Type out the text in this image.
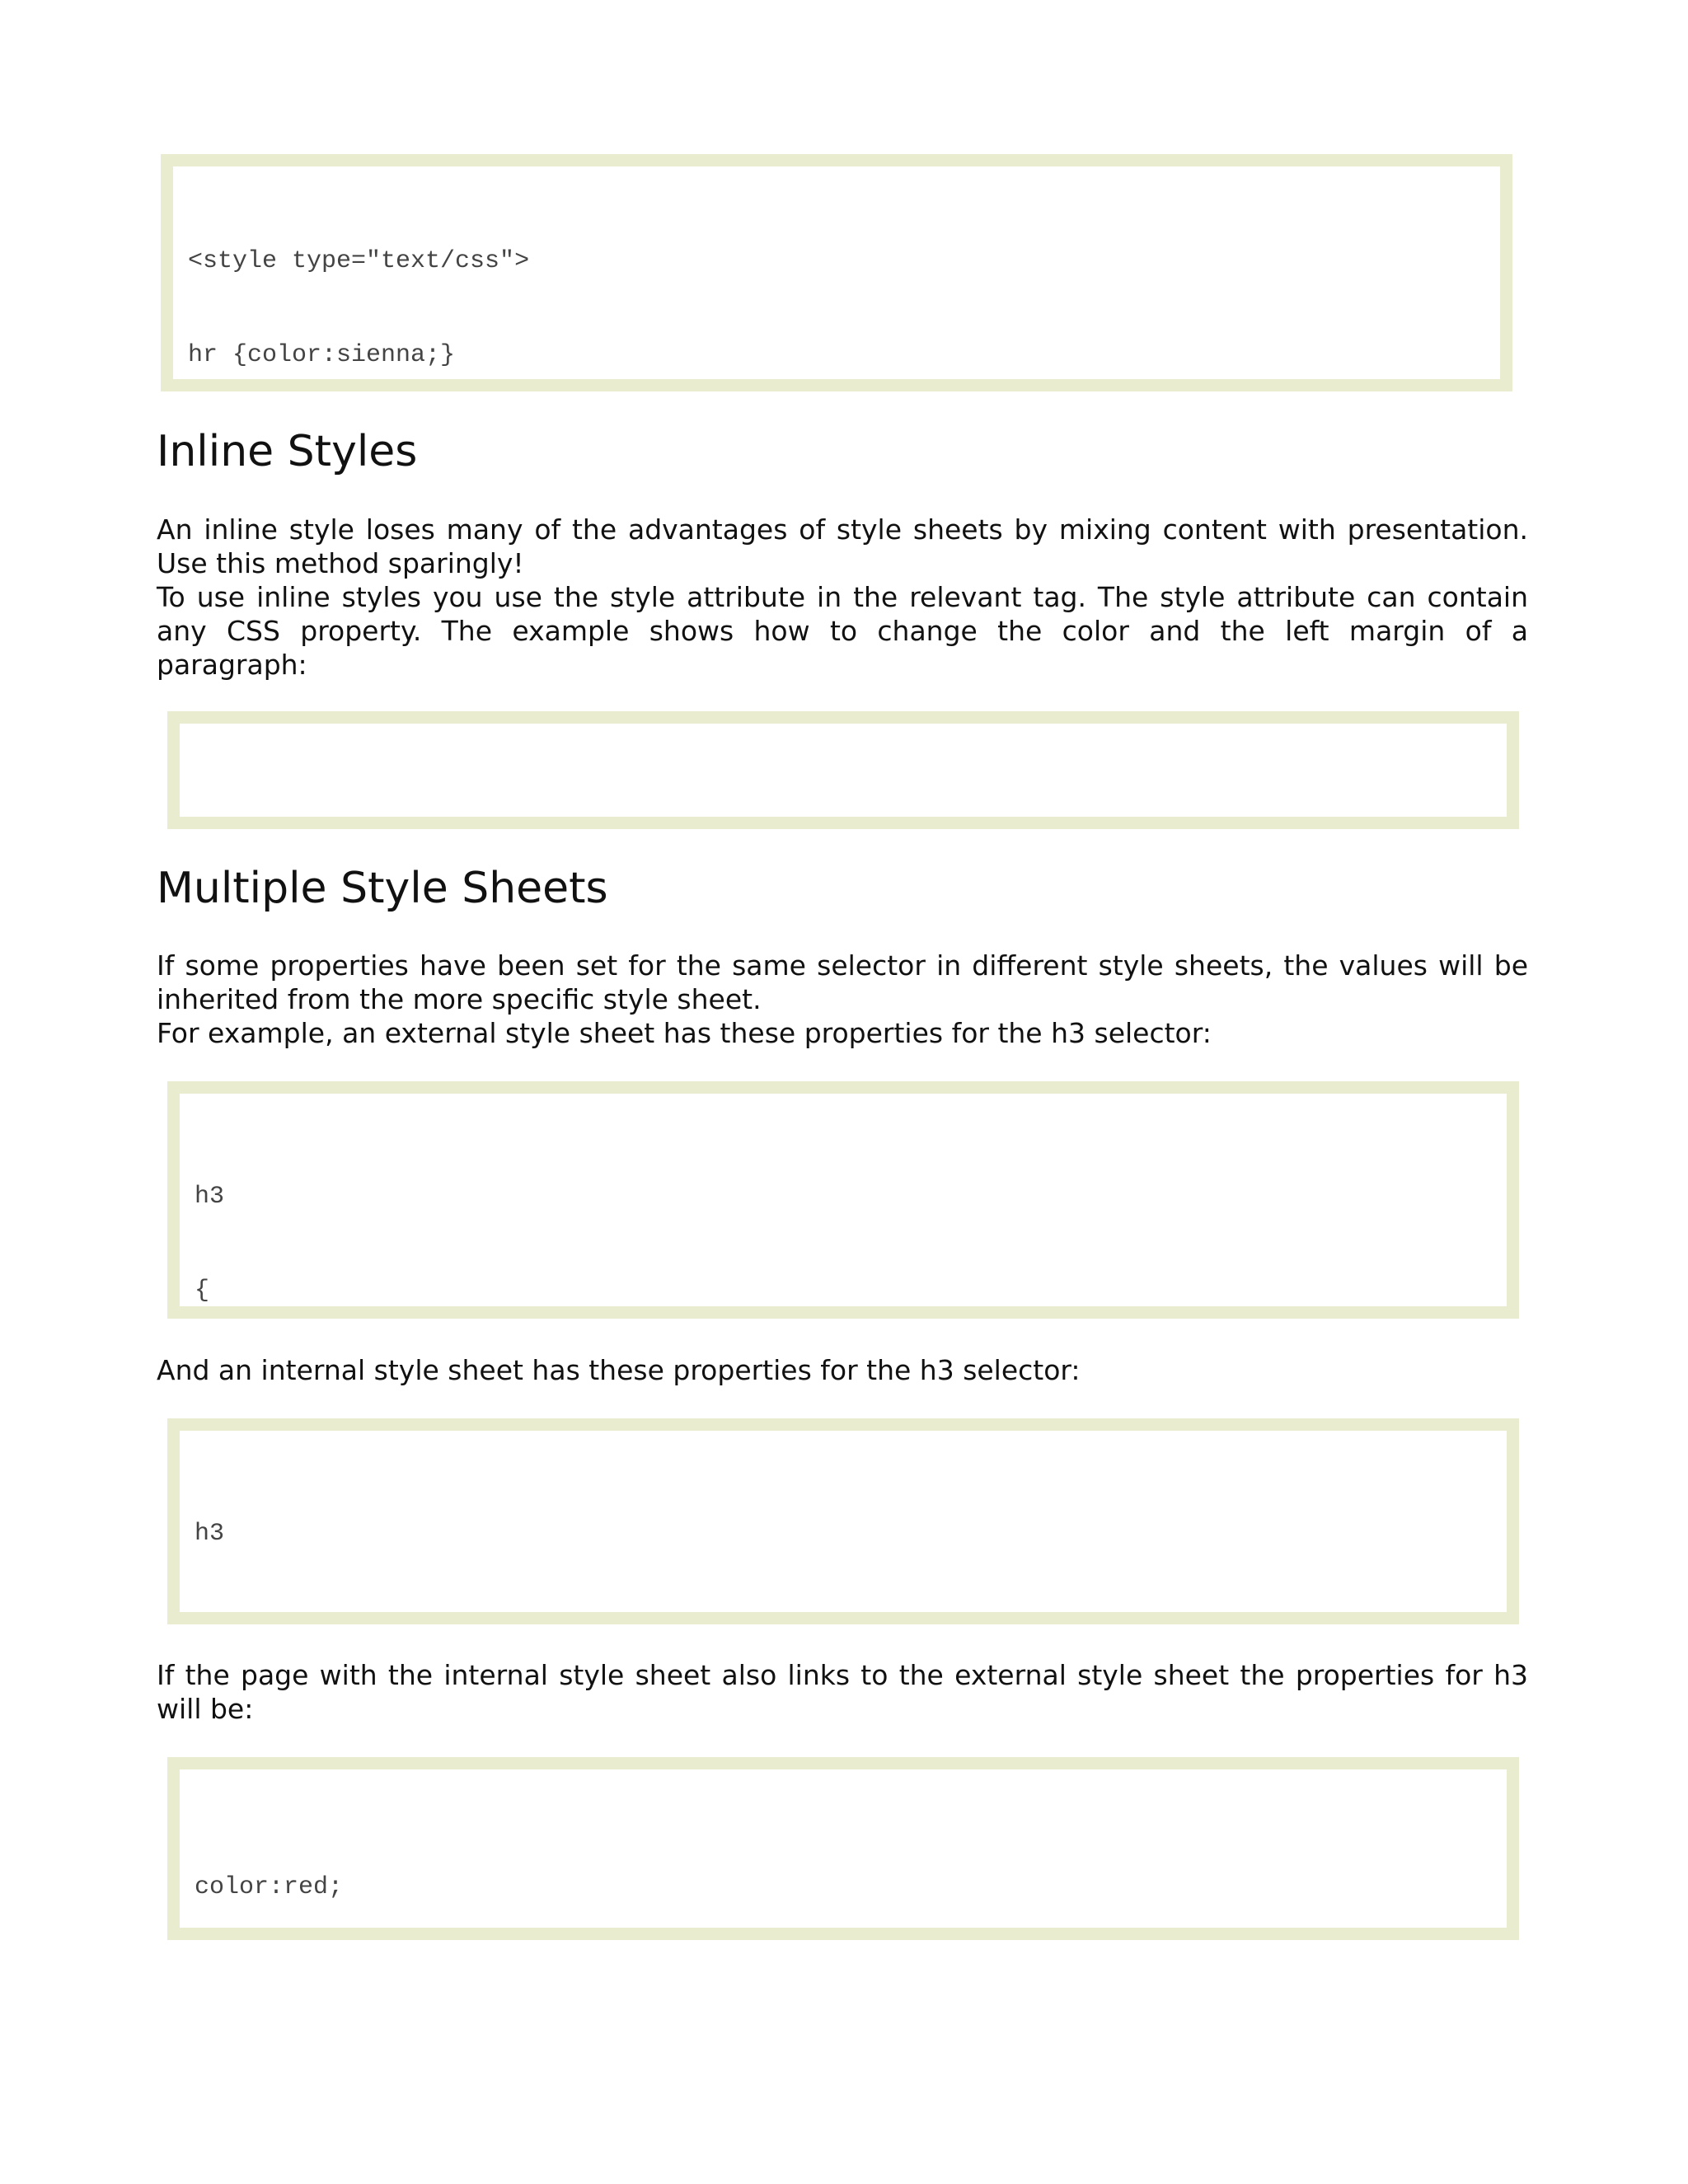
<style type="text/css">

hr {color:sienna;}

Inline Styles
An inline style loses many of the advantages of style sheets by mixing content with presentation.
Use this method sparingly!
To use inline styles you use the style attribute in the relevant tag. The style attribute can contain
any CSS property. The example shows how to change the color and the left margin of a
paragraph:

Multiple Style Sheets
If some properties have been set for the same selector in different style sheets, the values will be
inherited from the more specific style sheet.
For example, an external style sheet has these properties for the h3 selector:

h3

{

And an internal style sheet has these properties for the h3 selector:

h3

If the page with the internal style sheet also links to the external style sheet the properties for h3
will be:

color:red;
